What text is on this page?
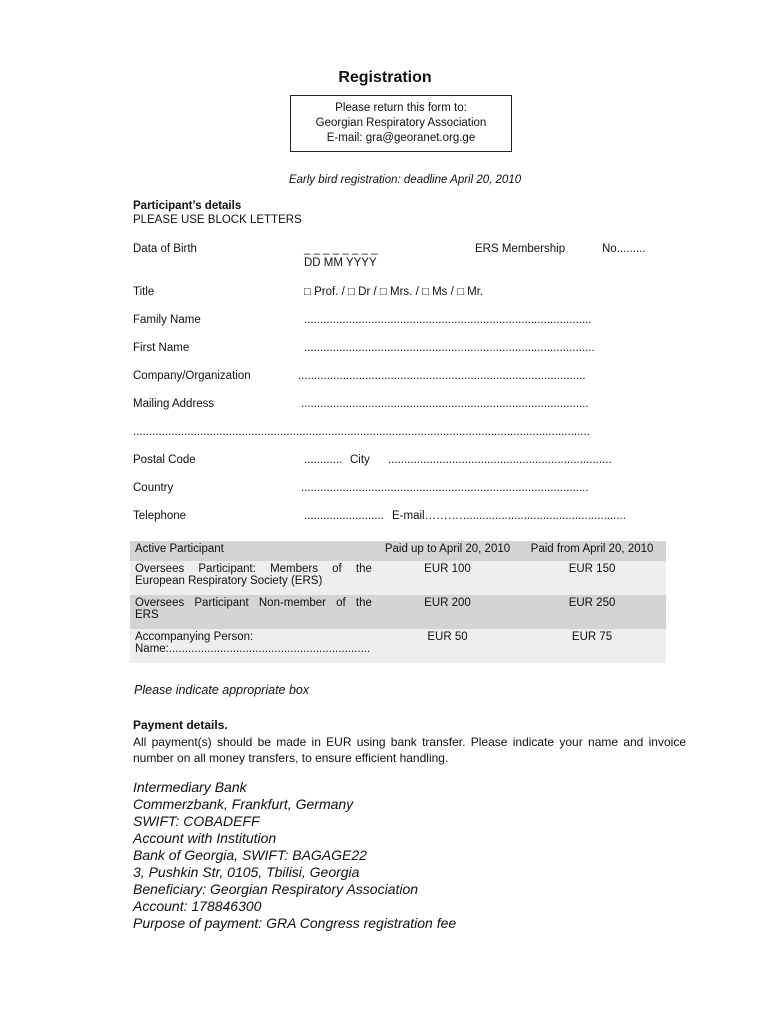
Registration
Please return this form to:
Georgian Respiratory Association
E-mail: gra@georanet.org.ge
Early bird registration: deadline April 20, 2010
Participant’s details
PLEASE USE BLOCK LETTERS
Data of Birth	_ _ _ _ _ _ _ _
DD MM YYYY
ERS Membership	No.........
Title	□ Prof. / □ Dr / □ Mrs. / □ Ms / □ Mr.
Family Name	..........................................................................................
First Name	...........................................................................................
Company/Organization	..........................................................................................
Mailing Address	..........................................................................................
...............................................................................................................................................
Postal Code	............ City ......................................................................
Country	..........................................................................................
Telephone	......................... E-mail………. ...................................................
Active Participant	Paid up to April 20, 2010	Paid from April 20, 2010

Oversees Participant: Members of the
European Respiratory Society (ERS)	EUR 100	EUR 150

Oversees Participant Non-member of the
ERS	EUR 200	EUR 250

Accompanying Person:
Name:...............................................................	EUR 50	EUR 75
Please indicate appropriate box
Payment details.
All payment(s) should be made in EUR using bank transfer. Please indicate your name and invoice number on all money transfers, to ensure efficient handling.
Intermediary Bank
Commerzbank, Frankfurt, Germany
SWIFT: COBADEFF
Account with Institution
Bank of Georgia, SWIFT: BAGAGE22
3, Pushkin Str, 0105, Tbilisi, Georgia
Beneficiary: Georgian Respiratory Association
Account: 178846300
Purpose of payment: GRA Congress registration fee
